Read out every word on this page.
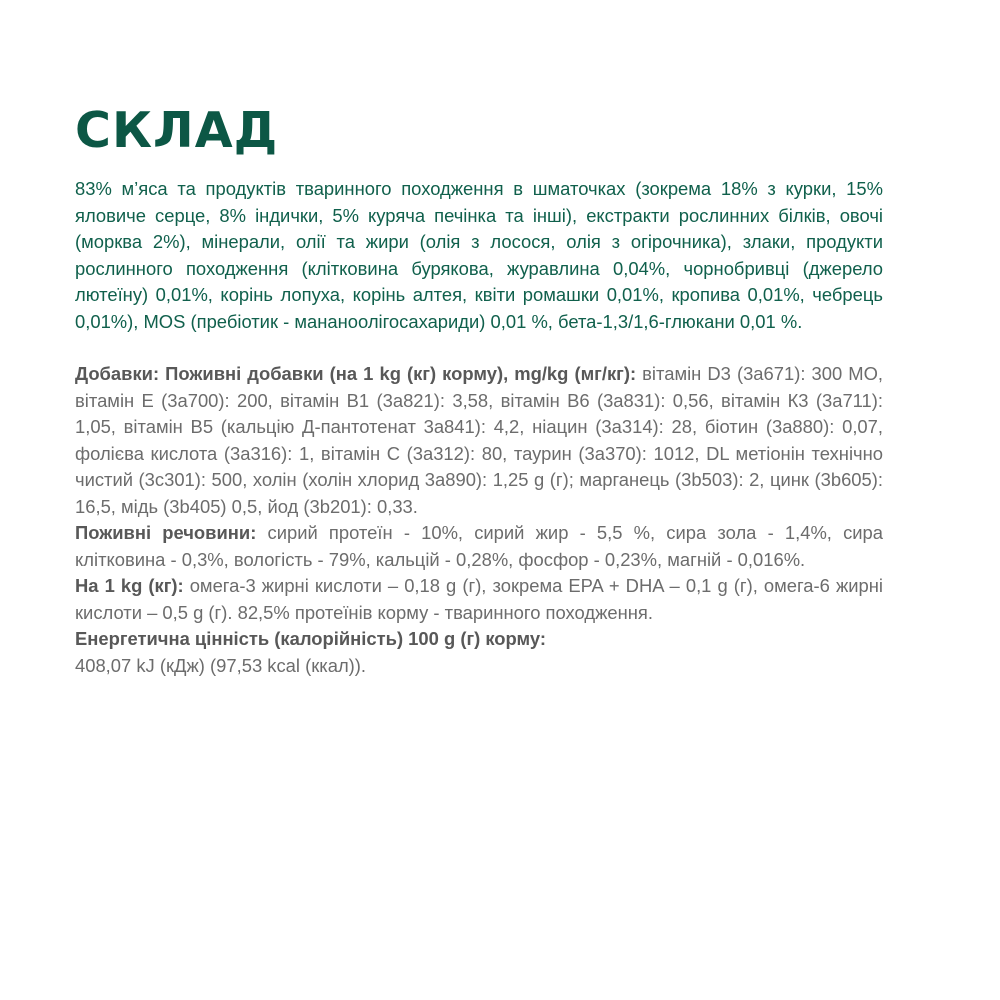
СКЛАД

83% м’яса та продуктів тваринного походження в шматочках (зокрема 18% з курки, 15% яловиче серце, 8% індички, 5% куряча печінка та інші), екстракти рослинних білків, овочі (морква 2%), мінерали, олії та жири (олія з лосося, олія з огірочника), злаки, продукти рослинного походження (клітковина бурякова, журавлина 0,04%, чорнобривці (джерело лютеїну) 0,01%, корінь лопуха, корінь алтея, квіти ромашки 0,01%, кропива 0,01%, чебрець 0,01%), MOS (пребіотик - мананоолігосахариди) 0,01 %, бета-1,3/1,6-глюкани 0,01 %.

Добавки: Поживні добавки (на 1 kg (кг) корму), mg/kg (мг/кг): вітамін D3 (3a671): 300 МО, вітамін Е (3a700): 200, вітамін В1 (3a821): 3,58, вітамін В6 (3a831): 0,56, вітамін К3 (3a711): 1,05, вітамін В5 (кальцію Д-пантотенат 3a841): 4,2, ніацин (3a314): 28, біотин (3a880): 0,07, фолієва кислота (3a316): 1, вітамін С (3a312): 80, таурин (3a370): 1012, DL метіонін технічно чистий (3c301): 500, холін (холін хлорид 3a890): 1,25 g (г); марганець (3b503): 2, цинк (3b605): 16,5, мідь (3b405) 0,5, йод (3b201): 0,33.

Поживні речовини: сирий протеїн - 10%, сирий жир - 5,5 %, сира зола - 1,4%, сира клітковина - 0,3%, вологість - 79%, кальцій - 0,28%, фосфор - 0,23%, магній - 0,016%.

На 1 kg (кг): омега-3 жирні кислоти – 0,18 g (г), зокрема EPA + DHA – 0,1 g (г), омега-6 жирні кислоти – 0,5 g (г). 82,5% протеїнів корму - тваринного походження.

Енергетична цінність (калорійність) 100 g (г) корму:
408,07 kJ (кДж) (97,53 kcal (ккал)).
